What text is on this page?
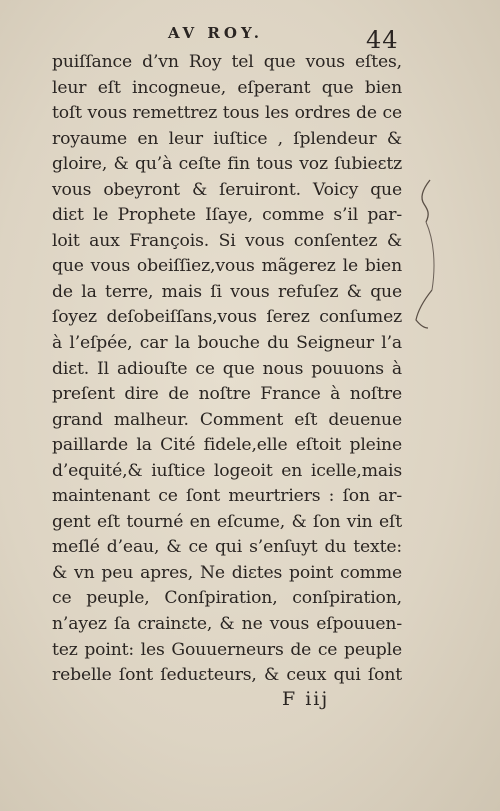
AV ROY.	44
puiſſance d’vn Roy tel que vous eſtes,
leur eſt incogneue, eſperant que bien
toſt vous remettrez tous les ordres de ce
royaume en leur iuſtice , ſplendeur &
gloire, & qu’à ceſte fin tous voz ſubieɛtz
vous obeyront & ſeruiront. Voicy que
diɛt le Prophete Iſaye, comme s’il par-
loit aux François. Si vous conſentez &
que vous obeiſſiez,vous mãgerez le bien
de la terre, mais ſi vous refuſez & que
ſoyez deſobeiſſans,vous ſerez conſumez
à l’eſpée, car la bouche du Seigneur l’a
diɛt. Il adiouſte ce que nous pouuons à
preſent dire de noſtre France à noſtre
grand malheur. Comment eſt deuenue
paillarde la Cité fidele,elle eſtoit pleine
d’equité,& iuſtice logeoit en icelle,mais
maintenant ce ſont meurtriers : ſon ar-
gent eſt tourné en eſcume, & ſon vin eſt
meſlé d’eau, & ce qui s’enſuyt du texte:
& vn peu apres, Ne diɛtes point comme
ce peuple, Conſpiration, conſpiration,
n’ayez ſa crainɛte, & ne vous eſpouuen-
tez point: les Gouuerneurs de ce peuple
rebelle ſont ſeduɛteurs, & ceux qui ſont
F iij
